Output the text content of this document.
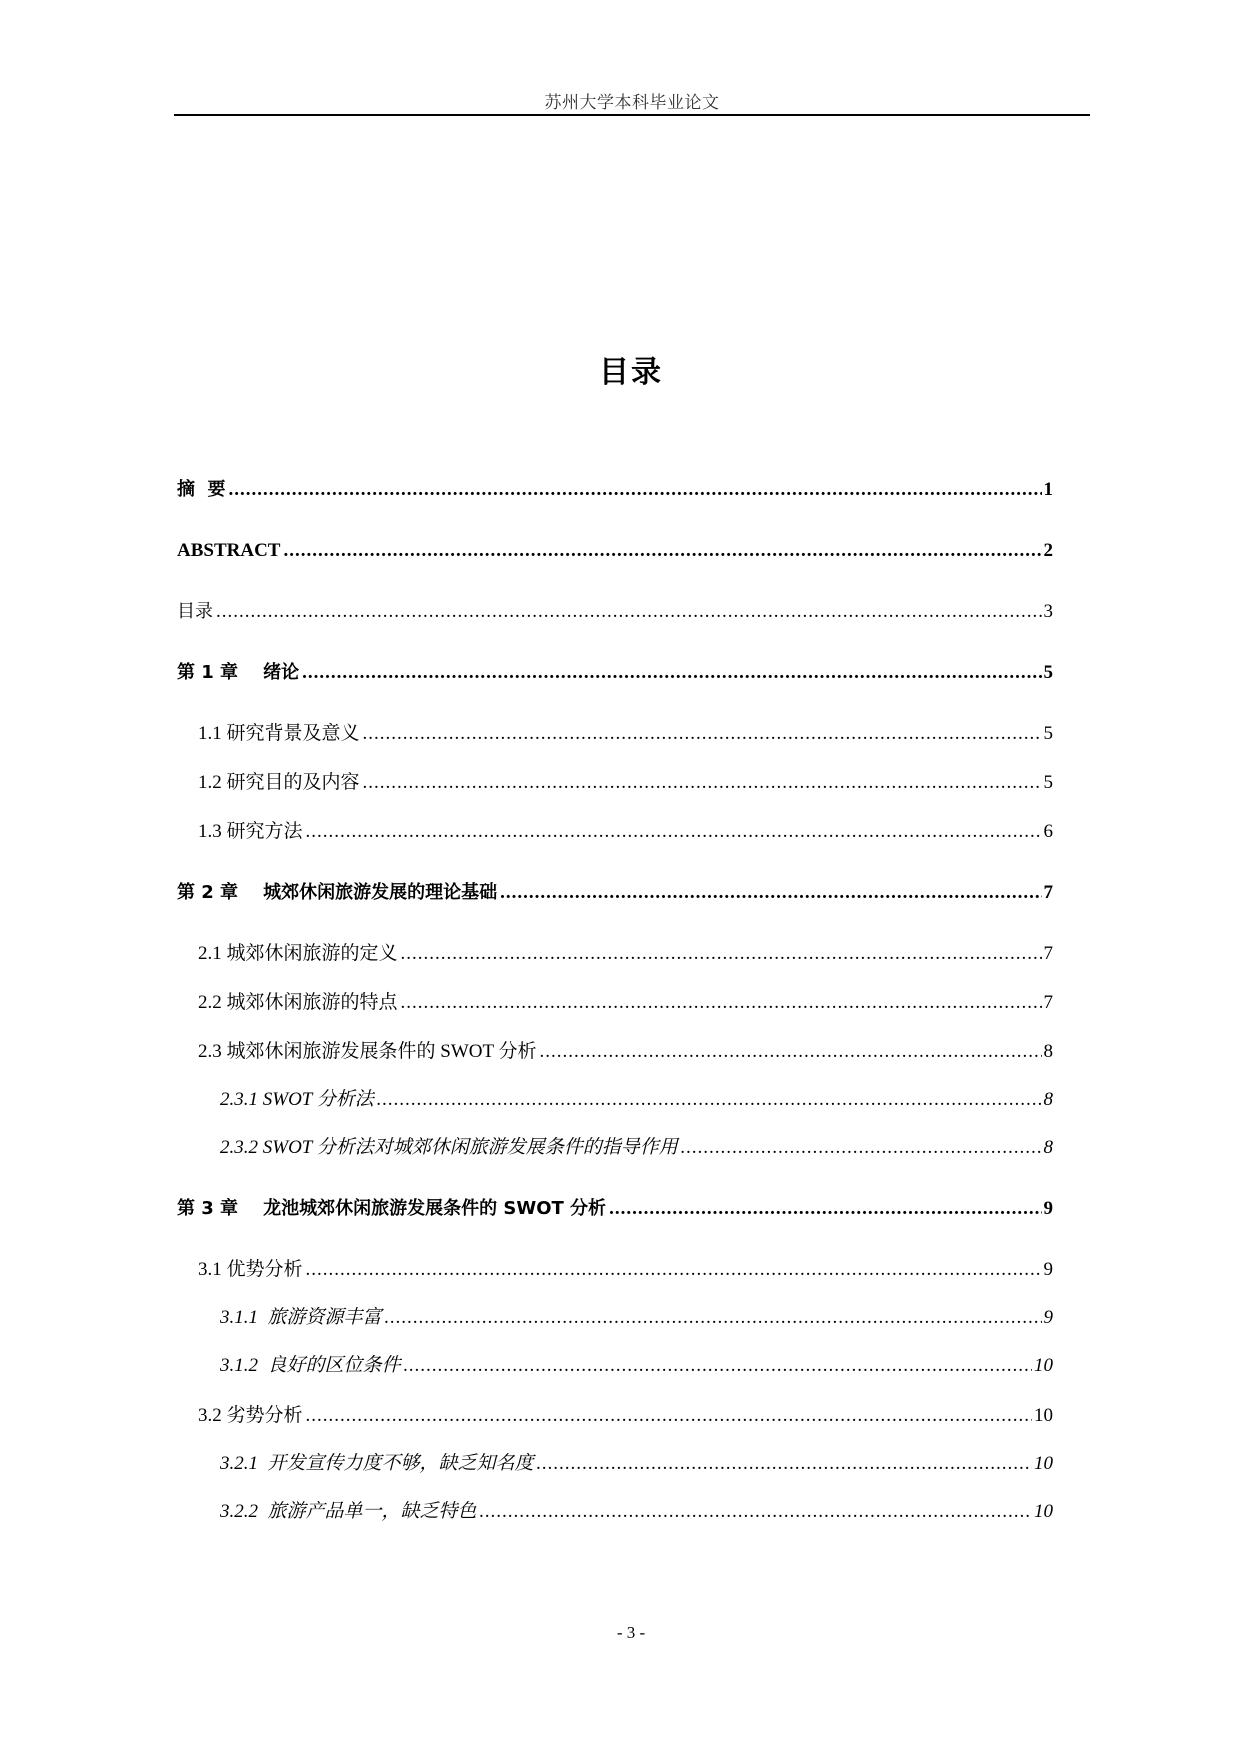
苏州大学本科毕业论文
目录
摘  要 .....	1
ABSTRACT .....	2
目录 .....	3
第 1 章    绪论 .....	5
1.1 研究背景及意义 .....	5
1.2 研究目的及内容 .....	5
1.3 研究方法 .....	6
第 2 章    城郊休闲旅游发展的理论基础 .....	7
2.1 城郊休闲旅游的定义 .....	7
2.2 城郊休闲旅游的特点 .....	7
2.3 城郊休闲旅游发展条件的 SWOT 分析 .....	8
2.3.1 SWOT 分析法 .....	8
2.3.2 SWOT 分析法对城郊休闲旅游发展条件的指导作用 .....	8
第 3 章    龙池城郊休闲旅游发展条件的 SWOT 分析 .....	9
3.1 优势分析 .....	9
3.1.1  旅游资源丰富 .....	9
3.1.2  良好的区位条件 .....	10
3.2 劣势分析 .....	10
3.2.1  开发宣传力度不够，缺乏知名度 .....	10
3.2.2  旅游产品单一，缺乏特色 .....	10
- 3 -
